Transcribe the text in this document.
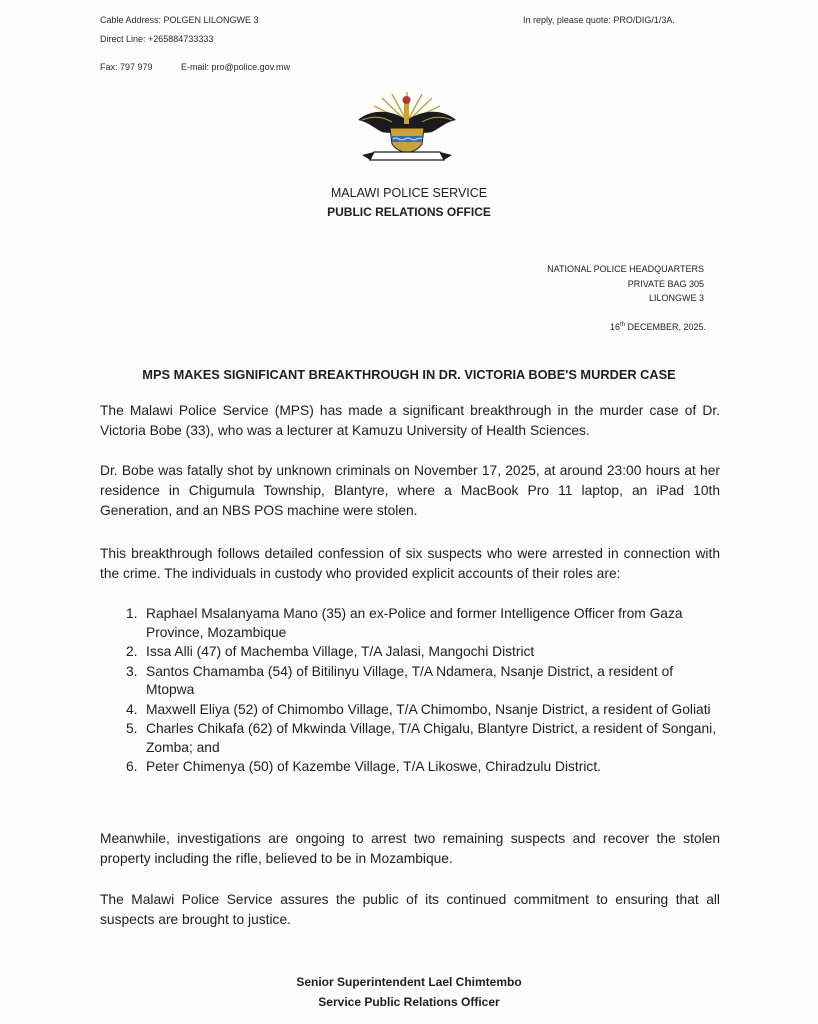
Cable Address: POLGEN LILONGWE 3
Direct Line: +265884733333
Fax: 797 979	E-mail: pro@police.gov.mw
In reply, please quote: PRO/DIG/1/3A.
MALAWI POLICE SERVICE
PUBLIC RELATIONS OFFICE
NATIONAL POLICE HEADQUARTERS
PRIVATE BAG 305
LILONGWE 3
16th DECEMBER, 2025.
MPS MAKES SIGNIFICANT BREAKTHROUGH IN DR. VICTORIA BOBE'S MURDER CASE
The Malawi Police Service (MPS) has made a significant breakthrough in the murder case of Dr. Victoria Bobe (33), who was a lecturer at Kamuzu University of Health Sciences.
Dr. Bobe was fatally shot by unknown criminals on November 17, 2025, at around 23:00 hours at her residence in Chigumula Township, Blantyre, where a MacBook Pro 11 laptop, an iPad 10th Generation, and an NBS POS machine were stolen.
This breakthrough follows detailed confession of six suspects who were arrested in connection with the crime. The individuals in custody who provided explicit accounts of their roles are:
1. Raphael Msalanyama Mano (35) an ex-Police and former Intelligence Officer from Gaza Province, Mozambique
2. Issa Alli (47) of Machemba Village, T/A Jalasi, Mangochi District
3. Santos Chamamba (54) of Bitilinyu Village, T/A Ndamera, Nsanje District, a resident of Mtopwa
4. Maxwell Eliya (52) of Chimombo Village, T/A Chimombo, Nsanje District, a resident of Goliati
5. Charles Chikafa (62) of Mkwinda Village, T/A Chigalu, Blantyre District, a resident of Songani, Zomba; and
6. Peter Chimenya (50) of Kazembe Village, T/A Likoswe, Chiradzulu District.
Meanwhile, investigations are ongoing to arrest two remaining suspects and recover the stolen property including the rifle, believed to be in Mozambique.
The Malawi Police Service assures the public of its continued commitment to ensuring that all suspects are brought to justice.
Senior Superintendent Lael Chimtembo
Service Public Relations Officer
